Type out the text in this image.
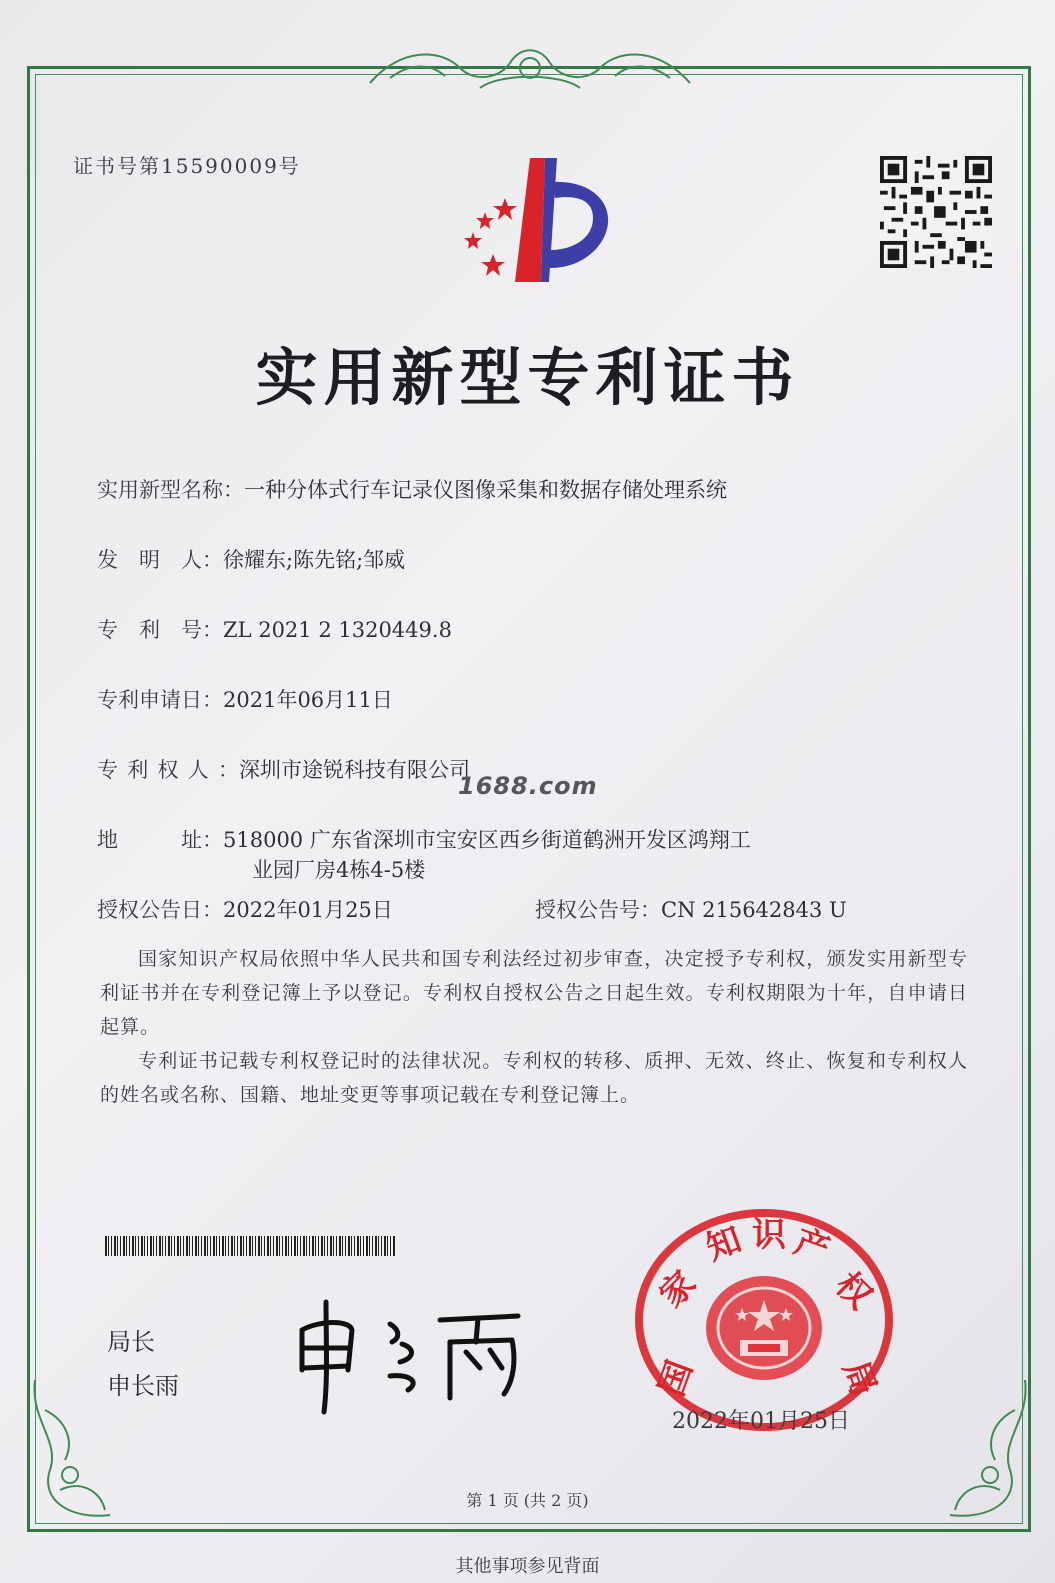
证书号第15590009号
实用新型专利证书
实用新型名称：一种分体式行车记录仪图像采集和数据存储处理系统
发　明　人：徐耀东;陈先铭;邹威
专　利　号：ZL 2021 2 1320449.8
专利申请日：2021年06月11日
专利权人：深圳市途锐科技有限公司
1688.com
地　　　址：518000 广东省深圳市宝安区西乡街道鹤洲开发区鸿翔工
业园厂房4栋4-5楼
授权公告日：2022年01月25日	授权公告号：CN 215642843 U
国家知识产权局依照中华人民共和国专利法经过初步审查，决定授予专利权，颁发实用新型专利证书并在专利登记簿上予以登记。专利权自授权公告之日起生效。专利权期限为十年，自申请日起算。
专利证书记载专利权登记时的法律状况。专利权的转移、质押、无效、终止、恢复和专利权人的姓名或名称、国籍、地址变更等事项记载在专利登记簿上。
局长
申长雨	国
家
知 识 产
权
局
2022年01月25日
第 1 页 (共 2 页)
其他事项参见背面
